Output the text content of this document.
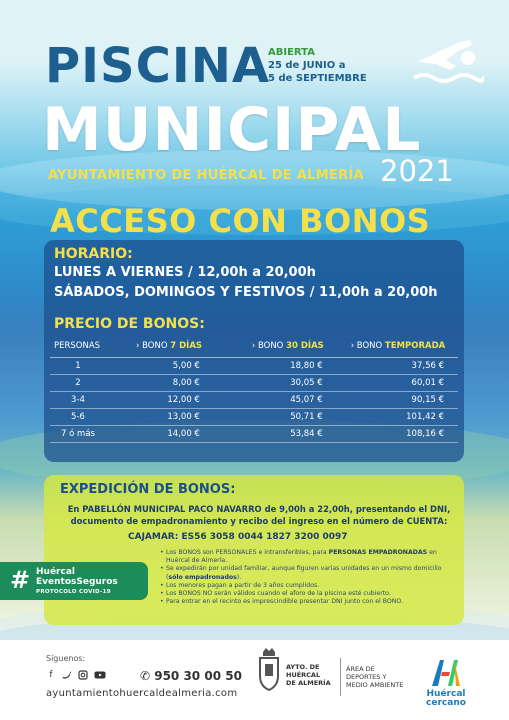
PISCINA
ABIERTA
25 de JUNIO a
5 de SEPTIEMBRE
MUNICIPAL
AYUNTAMIENTO DE HUÉRCAL DE ALMERÍA 2021
ACCESO CON BONOS
HORARIO:
LUNES A VIERNES / 12,00h a 20,00h
SÁBADOS, DOMINGOS Y FESTIVOS / 11,00h a 20,00h
PRECIO DE BONOS:
PERSONAS	› BONO 7 DÍAS	› BONO 30 DÍAS	› BONO TEMPORADA
1	5,00 €	18,80 €	37,56 €
2	8,00 €	30,05 €	60,01 €
3-4	12,00 €	45,07 €	90,15 €
5-6	13,00 €	50,71 €	101,42 €
7 ó más	14,00 €	53,84 €	108,16 €
EXPEDICIÓN DE BONOS:
En PABELLÓN MUNICIPAL PACO NAVARRO de 9,00h a 22,00h, presentando el DNI, documento de empadronamiento y recibo del ingreso en el número de CUENTA:
CAJAMAR: ES56 3058 0044 1827 3200 0097
• Los BONOS son PERSONALES e intransferibles, para PERSONAS EMPADRONADAS en Huércal de Almería.
• Se expedirán por unidad familiar, aunque figuren varias unidades en un mismo domicilio (sólo empadronados).
• Los menores pagan a partir de 3 años cumplidos.
• Los BONOS NO serán válidos cuando el aforo de la piscina esté cubierto.
• Para entrar en el recinto es imprescindible presentar DNI junto con el BONO.
# Huércal
EventosSeguros
PROTOCOLO COVID-19
Síguenos:
f	✆ 950 30 00 50
ayuntamientohuercaldealmeria.com
AYTO. DE
HUÉRCAL
DE ALMERÍA
ÁREA DE
DEPORTES Y
MEDIO AMBIENTE
Huércal
cercano
